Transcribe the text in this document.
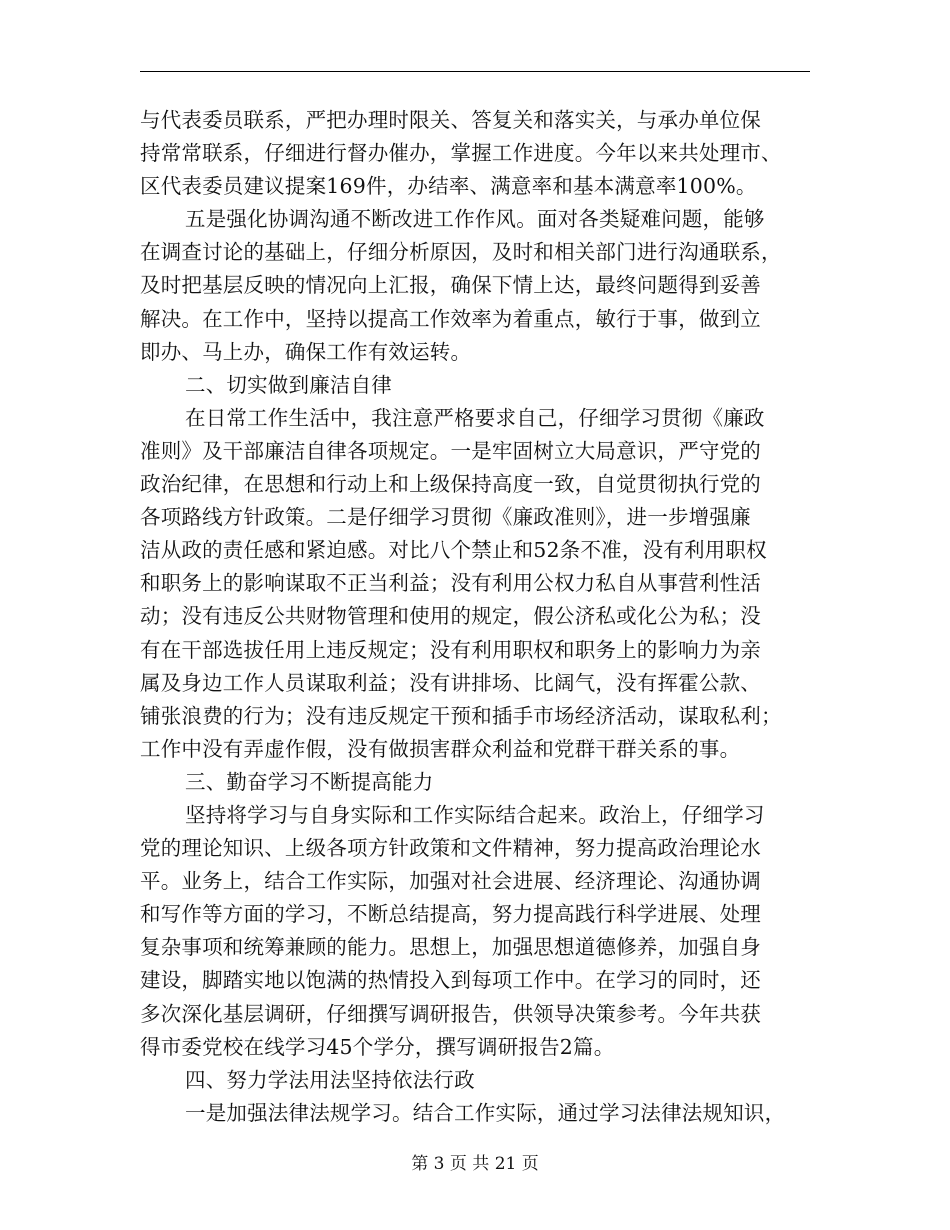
与代表委员联系，严把办理时限关、答复关和落实关，与承办单位保
持常常联系，仔细进行督办催办，掌握工作进度。今年以来共处理市、
区代表委员建议提案169件，办结率、满意率和基本满意率100%。
五是强化协调沟通不断改进工作作风。面对各类疑难问题，能够
在调查讨论的基础上，仔细分析原因，及时和相关部门进行沟通联系，
及时把基层反映的情况向上汇报，确保下情上达，最终问题得到妥善
解决。在工作中，坚持以提高工作效率为着重点，敏行于事，做到立
即办、马上办，确保工作有效运转。
二、切实做到廉洁自律
在日常工作生活中，我注意严格要求自己，仔细学习贯彻《廉政
准则》及干部廉洁自律各项规定。一是牢固树立大局意识，严守党的
政治纪律，在思想和行动上和上级保持高度一致，自觉贯彻执行党的
各项路线方针政策。二是仔细学习贯彻《廉政准则》，进一步增强廉
洁从政的责任感和紧迫感。对比八个禁止和52条不准，没有利用职权
和职务上的影响谋取不正当利益；没有利用公权力私自从事营利性活
动；没有违反公共财物管理和使用的规定，假公济私或化公为私；没
有在干部选拔任用上违反规定；没有利用职权和职务上的影响力为亲
属及身边工作人员谋取利益；没有讲排场、比阔气，没有挥霍公款、
铺张浪费的行为；没有违反规定干预和插手市场经济活动，谋取私利；
工作中没有弄虚作假，没有做损害群众利益和党群干群关系的事。
三、勤奋学习不断提高能力
坚持将学习与自身实际和工作实际结合起来。政治上，仔细学习
党的理论知识、上级各项方针政策和文件精神，努力提高政治理论水
平。业务上，结合工作实际，加强对社会进展、经济理论、沟通协调
和写作等方面的学习，不断总结提高，努力提高践行科学进展、处理
复杂事项和统筹兼顾的能力。思想上，加强思想道德修养，加强自身
建设，脚踏实地以饱满的热情投入到每项工作中。在学习的同时，还
多次深化基层调研，仔细撰写调研报告，供领导决策参考。今年共获
得市委党校在线学习45个学分，撰写调研报告2篇。
四、努力学法用法坚持依法行政
一是加强法律法规学习。结合工作实际，通过学习法律法规知识，
第 3 页 共 21 页
